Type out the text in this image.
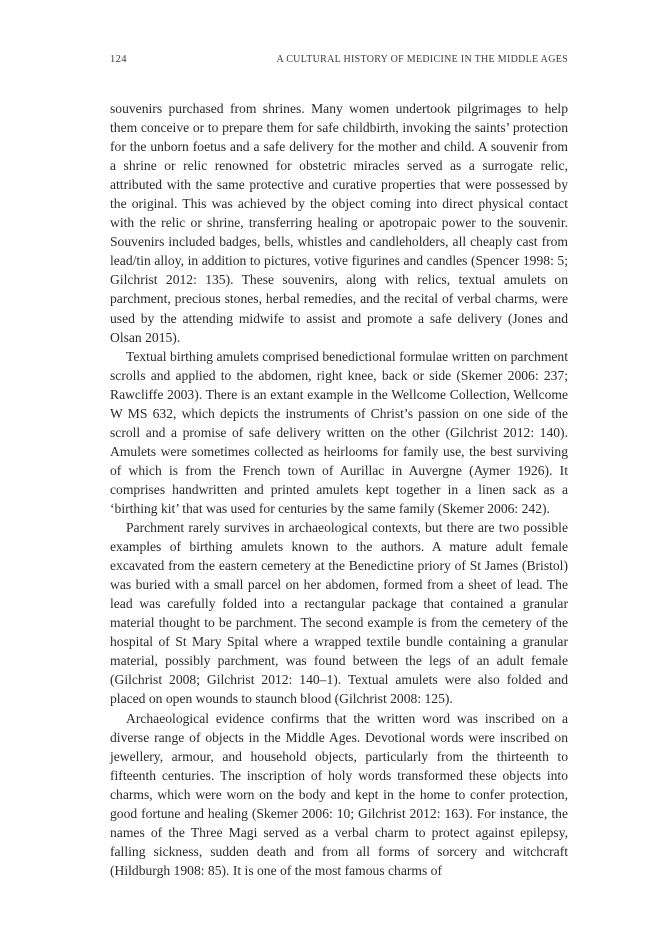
124	A CULTURAL HISTORY OF MEDICINE IN THE MIDDLE AGES

souvenirs purchased from shrines. Many women undertook pilgrimages to help them conceive or to prepare them for safe childbirth, invoking the saints’ protection for the unborn foetus and a safe delivery for the mother and child. A souvenir from a shrine or relic renowned for obstetric miracles served as a surrogate relic, attributed with the same protective and curative properties that were possessed by the original. This was achieved by the object coming into direct physical contact with the relic or shrine, transferring healing or apotropaic power to the souvenir. Souvenirs included badges, bells, whistles and candleholders, all cheaply cast from lead/tin alloy, in addition to pictures, votive figurines and candles (Spencer 1998: 5; Gilchrist 2012: 135). These souvenirs, along with relics, textual amulets on parchment, precious stones, herbal remedies, and the recital of verbal charms, were used by the attending midwife to assist and promote a safe delivery (Jones and Olsan 2015).

Textual birthing amulets comprised benedictional formulae written on parchment scrolls and applied to the abdomen, right knee, back or side (Skemer 2006: 237; Rawcliffe 2003). There is an extant example in the Wellcome Collection, Wellcome W MS 632, which depicts the instruments of Christ’s passion on one side of the scroll and a promise of safe delivery written on the other (Gilchrist 2012: 140). Amulets were sometimes collected as heirlooms for family use, the best surviving of which is from the French town of Aurillac in Auvergne (Aymer 1926). It comprises handwritten and printed amulets kept together in a linen sack as a ‘birthing kit’ that was used for centuries by the same family (Skemer 2006: 242).

Parchment rarely survives in archaeological contexts, but there are two possible examples of birthing amulets known to the authors. A mature adult female excavated from the eastern cemetery at the Benedictine priory of St James (Bristol) was buried with a small parcel on her abdomen, formed from a sheet of lead. The lead was carefully folded into a rectangular package that contained a granular material thought to be parchment. The second example is from the cemetery of the hospital of St Mary Spital where a wrapped textile bundle containing a granular material, possibly parchment, was found between the legs of an adult female (Gilchrist 2008; Gilchrist 2012: 140–1). Textual amulets were also folded and placed on open wounds to staunch blood (Gilchrist 2008: 125).

Archaeological evidence confirms that the written word was inscribed on a diverse range of objects in the Middle Ages. Devotional words were inscribed on jewellery, armour, and household objects, particularly from the thirteenth to fifteenth centuries. The inscription of holy words transformed these objects into charms, which were worn on the body and kept in the home to confer protection, good fortune and healing (Skemer 2006: 10; Gilchrist 2012: 163). For instance, the names of the Three Magi served as a verbal charm to protect against epilepsy, falling sickness, sudden death and from all forms of sorcery and witchcraft (Hildburgh 1908: 85). It is one of the most famous charms of
